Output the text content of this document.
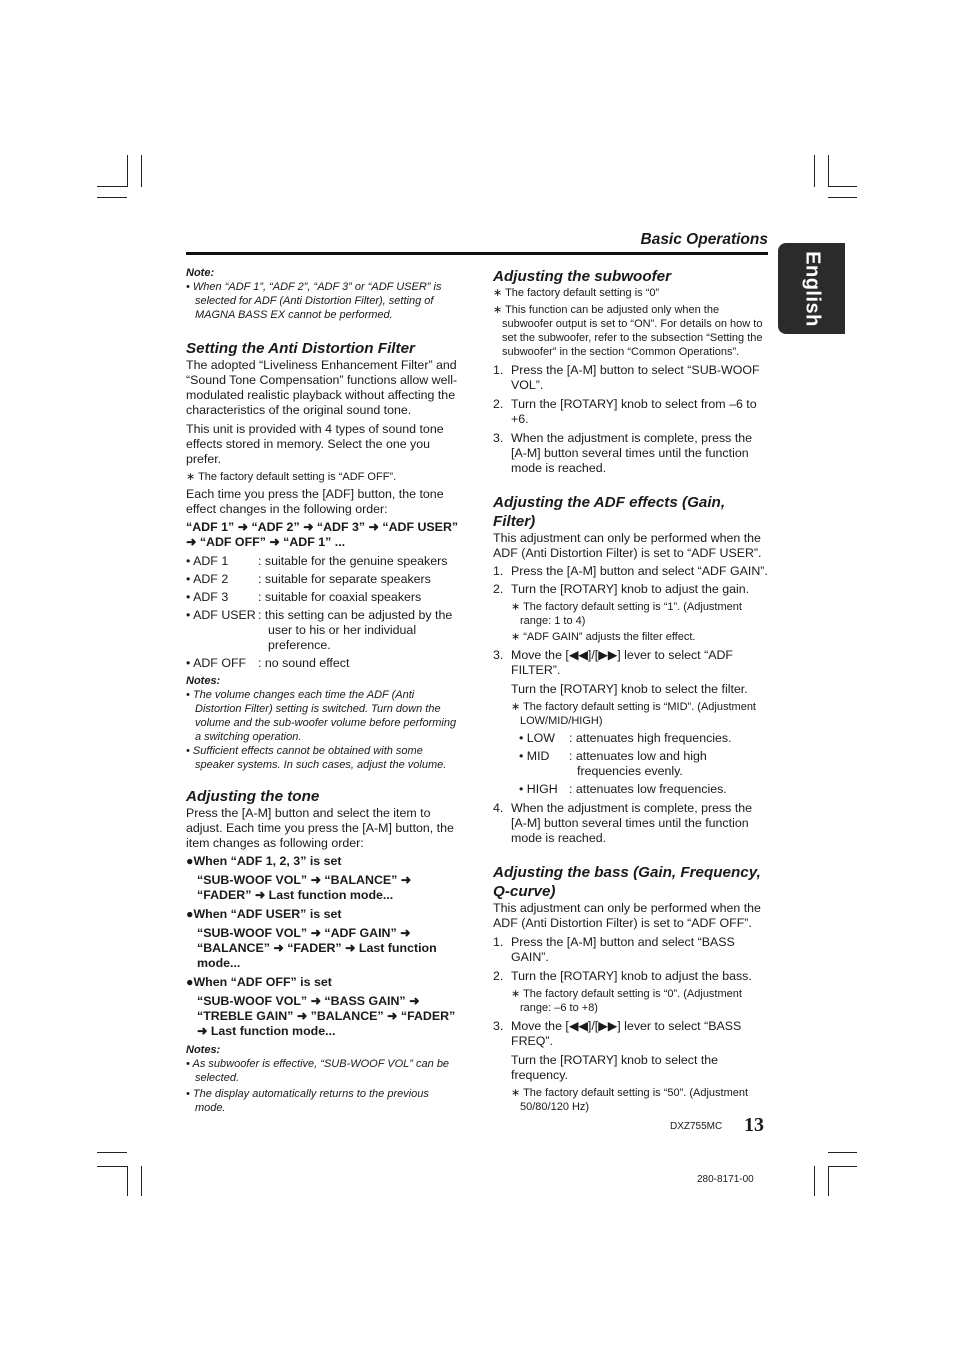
Basic Operations
English

Note:

• When “ADF 1”, “ADF 2”, “ADF 3” or “ADF USER” is selected for ADF (Anti Distortion Filter), setting of MAGNA BASS EX cannot be performed.

Setting the Anti Distortion Filter

The adopted “Liveliness Enhancement Filter” and “Sound Tone Compensation” functions allow well-modulated realistic playback without affecting the characteristics of the original sound tone.

This unit is provided with 4 types of sound tone effects stored in memory. Select the one you prefer.

∗ The factory default setting is “ADF OFF”.

Each time you press the [ADF] button, the tone effect changes in the following order:

“ADF 1” ➜ “ADF 2” ➜ “ADF 3” ➜ “ADF USER” ➜ “ADF OFF” ➜ “ADF 1” ...

• ADF 1	: suitable for the genuine speakers
• ADF 2	: suitable for separate speakers
• ADF 3	: suitable for coaxial speakers
• ADF USER : this setting can be adjusted by the user to his or her individual preference.
• ADF OFF : no sound effect

Notes:

• The volume changes each time the ADF (Anti Distortion Filter) setting is switched. Turn down the volume and the sub-woofer volume before performing a switching operation.

• Sufficient effects cannot be obtained with some speaker systems. In such cases, adjust the volume.

Adjusting the tone

Press the [A-M] button and select the item to adjust. Each time you press the [A-M] button, the item changes as following order:

●When “ADF 1, 2, 3” is set

“SUB-WOOF VOL” ➜ “BALANCE” ➜ “FADER” ➜ Last function mode...

●When “ADF USER” is set

“SUB-WOOF VOL” ➜ “ADF GAIN” ➜ “BALANCE” ➜ “FADER” ➜ Last function mode...

●When “ADF OFF” is set

“SUB-WOOF VOL” ➜ “BASS GAIN” ➜ “TREBLE GAIN” ➜ ”BALANCE” ➜ “FADER” ➜ Last function mode...

Notes:

• As subwoofer is effective, “SUB-WOOF VOL” can be selected.

• The display automatically returns to the previous mode.

Adjusting the subwoofer

∗ The factory default setting is “0”

∗ This function can be adjusted only when the subwoofer output is set to “ON”. For details on how to set the subwoofer, refer to the subsection “Setting the subwoofer” in the section “Common Operations”.

1. Press the [A-M] button to select “SUB-WOOF VOL”.
2. Turn the [ROTARY] knob to select from –6 to +6.
3. When the adjustment is complete, press the [A-M] button several times until the function mode is reached.
Adjusting the ADF effects (Gain, Filter)

This adjustment can only be performed when the ADF (Anti Distortion Filter) is set to “ADF USER”.

1. Press the [A-M] button and select “ADF GAIN”.
2. Turn the [ROTARY] knob to adjust the gain.

∗ The factory default setting is “1”. (Adjustment range: 1 to 4)

∗ “ADF GAIN” adjusts the filter effect.

3. Move the [◀◀]/[▶▶] lever to select “ADF FILTER”.

Turn the [ROTARY] knob to select the filter.

∗ The factory default setting is “MID”. (Adjustment LOW/MID/HIGH)

• LOW	: attenuates high frequencies.
• MID	: attenuates low and high frequencies evenly.
• HIGH : attenuates low frequencies.
4. When the adjustment is complete, press the [A-M] button several times until the function mode is reached.
Adjusting the bass (Gain, Frequency, Q-curve)

This adjustment can only be performed when the ADF (Anti Distortion Filter) is set to “ADF OFF”.

1. Press the [A-M] button and select “BASS GAIN”.
2. Turn the [ROTARY] knob to adjust the bass.

∗ The factory default setting is “0”. (Adjustment range: –6 to +8)

3. Move the [◀◀]/[▶▶] lever to select “BASS FREQ”.

Turn the [ROTARY] knob to select the frequency.

∗ The factory default setting is “50”. (Adjustment 50/80/120 Hz)

DXZ755MC 13
280-8171-00
